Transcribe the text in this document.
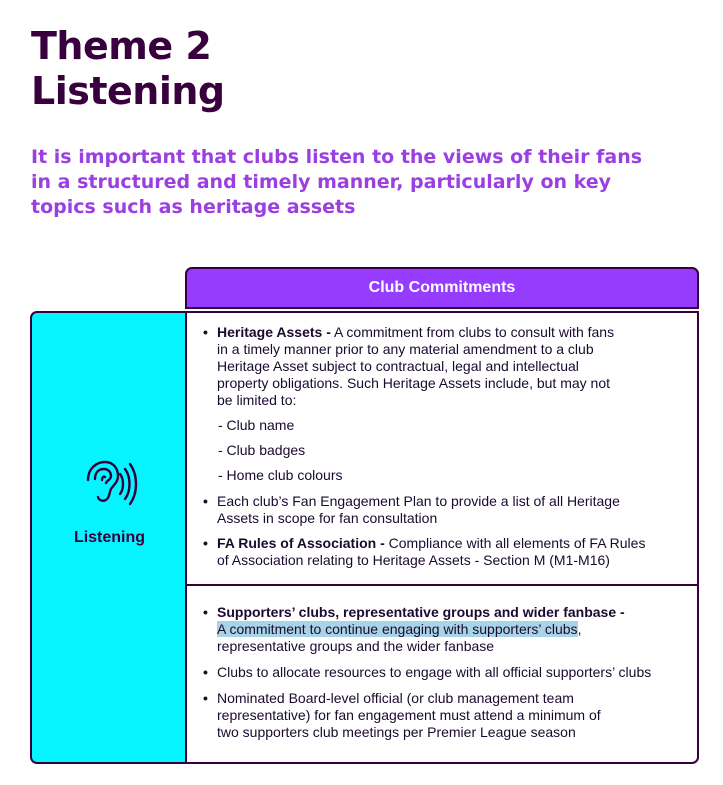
Theme 2
Listening

It is important that clubs listen to the views of their fans
in a structured and timely manner, particularly on key
topics such as heritage assets

Club Commitments
Listening
• Heritage Assets - A commitment from clubs to consult with fans
in a timely manner prior to any material amendment to a club
Heritage Asset subject to contractual, legal and intellectual
property obligations. Such Heritage Assets include, but may not
be limited to:
- Club name
- Club badges
- Home club colours
• Each club’s Fan Engagement Plan to provide a list of all Heritage
Assets in scope for fan consultation
• FA Rules of Association - Compliance with all elements of FA Rules
of Association relating to Heritage Assets - Section M (M1-M16)
• Supporters’ clubs, representative groups and wider fanbase -
A commitment to continue engaging with supporters’ clubs,
representative groups and the wider fanbase
• Clubs to allocate resources to engage with all official supporters’ clubs
• Nominated Board-level official (or club management team
representative) for fan engagement must attend a minimum of
two supporters club meetings per Premier League season
